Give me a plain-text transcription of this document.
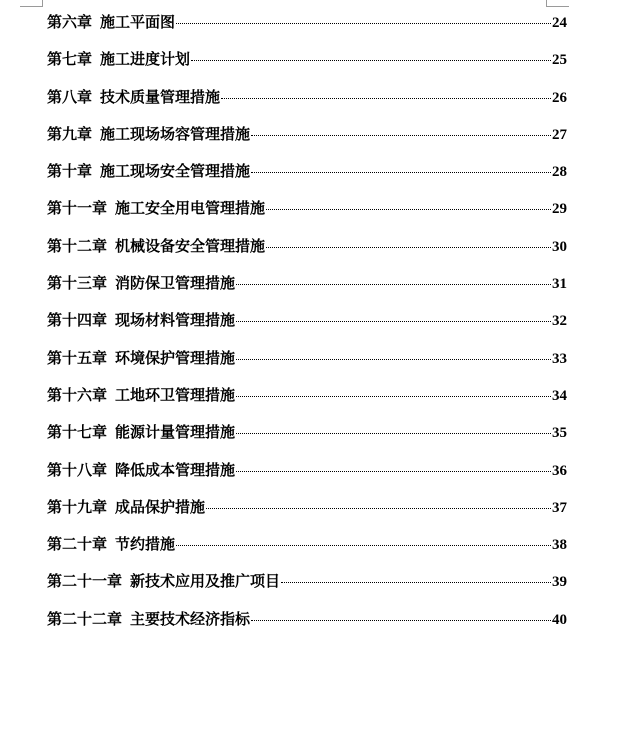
第六章 施工平面图	24
第七章 施工进度计划	25
第八章 技术质量管理措施	26
第九章 施工现场场容管理措施	27
第十章 施工现场安全管理措施	28
第十一章 施工安全用电管理措施	29
第十二章 机械设备安全管理措施	30
第十三章 消防保卫管理措施	31
第十四章 现场材料管理措施	32
第十五章 环境保护管理措施	33
第十六章 工地环卫管理措施	34
第十七章 能源计量管理措施	35
第十八章 降低成本管理措施	36
第十九章 成品保护措施	37
第二十章 节约措施	38
第二十一章 新技术应用及推广项目	39
第二十二章 主要技术经济指标	40
